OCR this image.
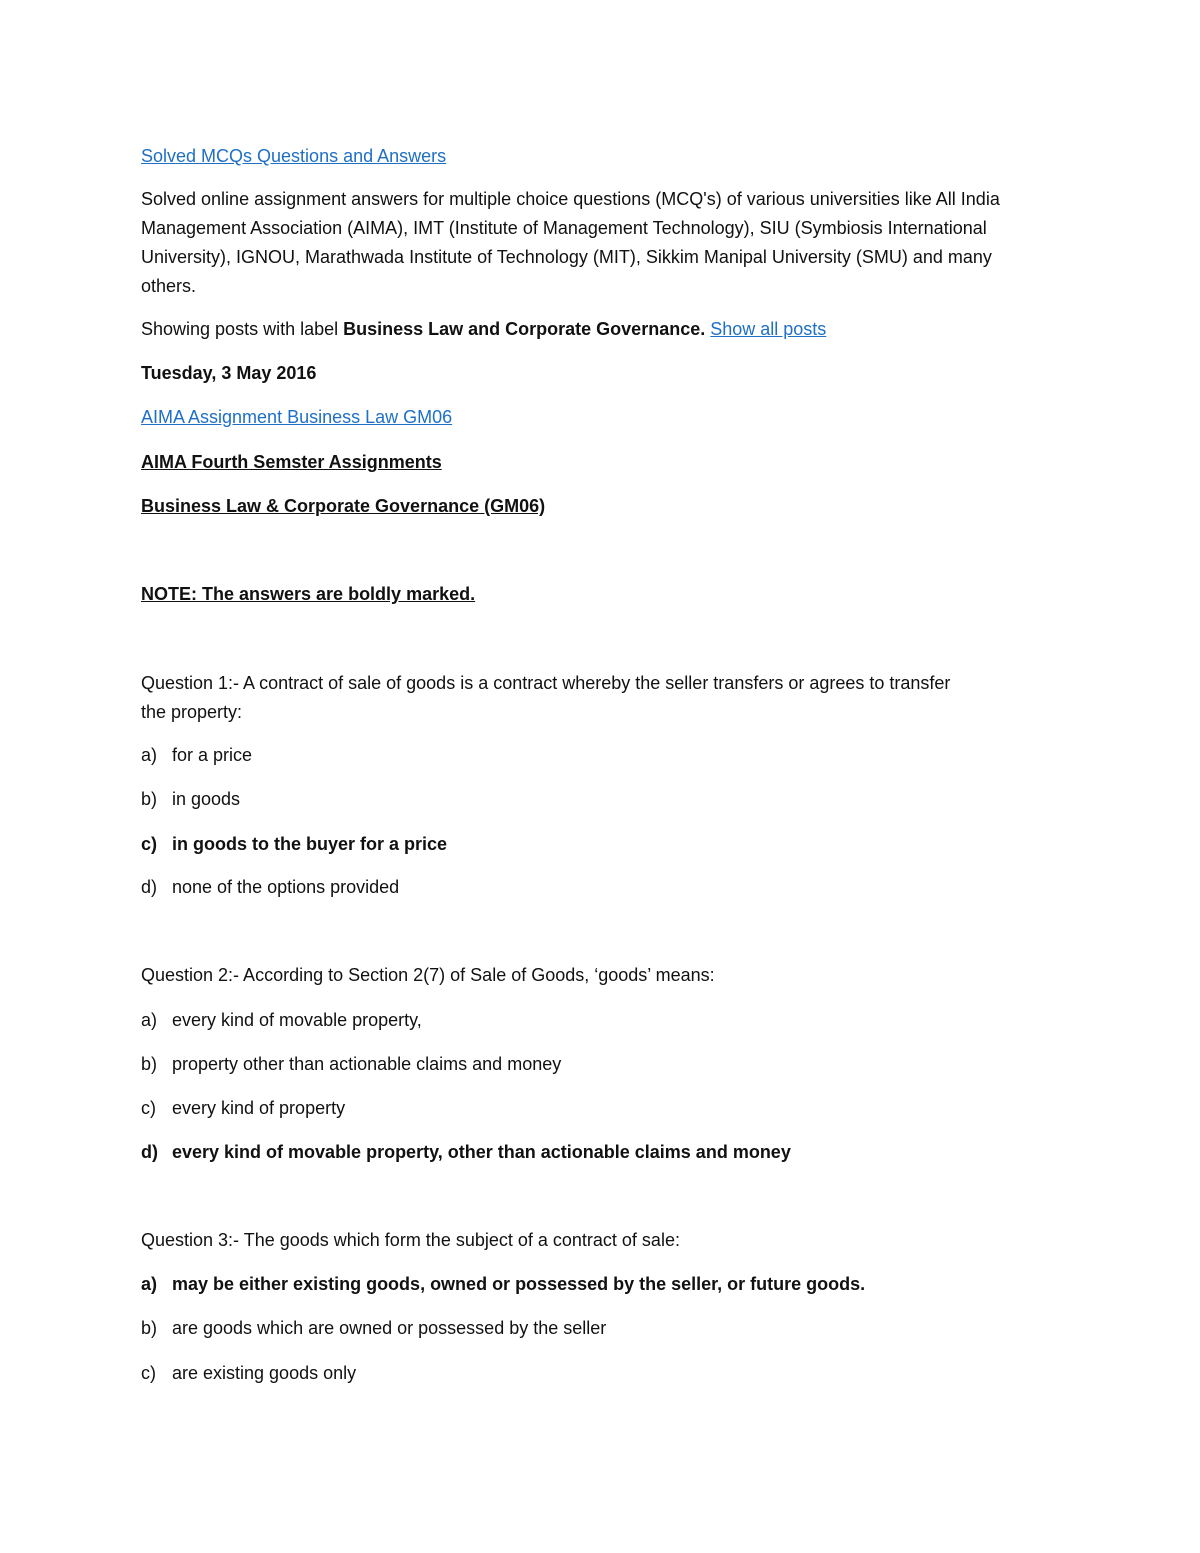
Solved MCQs Questions and Answers
Solved online assignment answers for multiple choice questions (MCQ's) of various universities like All India Management Association (AIMA), IMT (Institute of Management Technology), SIU (Symbiosis International University), IGNOU, Marathwada Institute of Technology (MIT), Sikkim Manipal University (SMU) and many others.
Showing posts with label Business Law and Corporate Governance. Show all posts
Tuesday, 3 May 2016
AIMA Assignment Business Law GM06
AIMA Fourth Semster Assignments
Business Law & Corporate Governance (GM06)
NOTE: The answers are boldly marked.
Question 1:- A contract of sale of goods is a contract whereby the seller transfers or agrees to transfer
the property:
a) for a price
b) in goods
c) in goods to the buyer for a price
d) none of the options provided
Question 2:- According to Section 2(7) of Sale of Goods, ‘goods’ means:
a) every kind of movable property,
b) property other than actionable claims and money
c) every kind of property
d) every kind of movable property, other than actionable claims and money
Question 3:- The goods which form the subject of a contract of sale:
a) may be either existing goods, owned or possessed by the seller, or future goods.
b) are goods which are owned or possessed by the seller
c) are existing goods only
